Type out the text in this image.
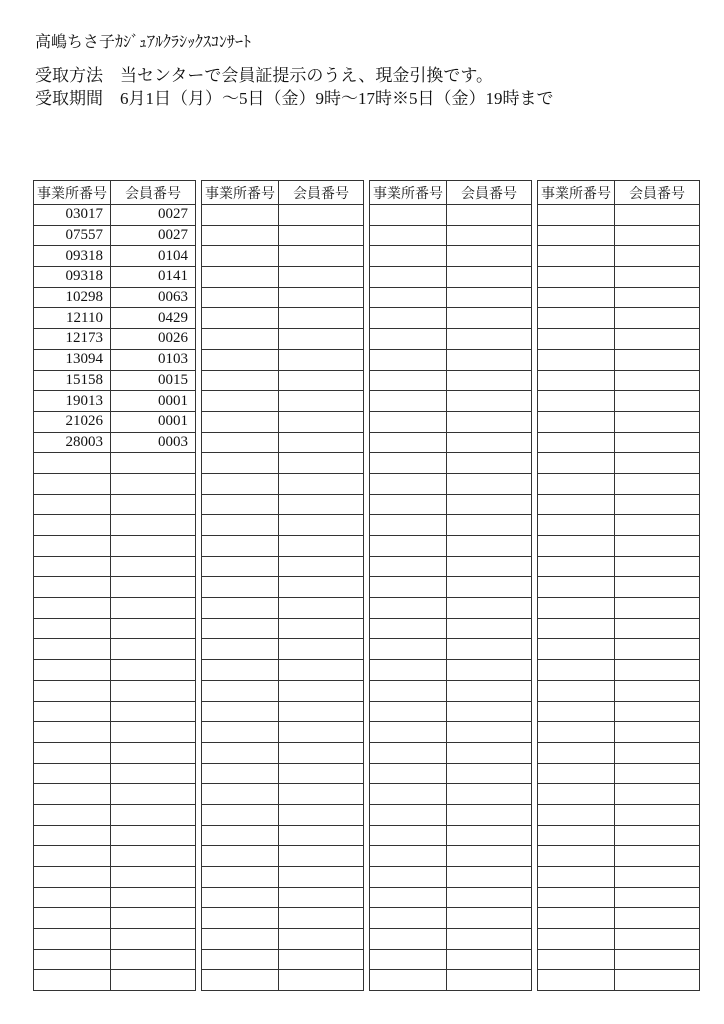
高嶋ちさ子ｶｼﾞｭｱﾙｸﾗｼｯｸｽｺﾝｻｰﾄ
受取方法　当センターで会員証提示のうえ、現金引換です。
受取期間　6月1日（月）～5日（金）9時～17時※5日（金）19時まで
事業所番号	会員番号
03017	0027
07557	0027
09318	0104
09318	0141
10298	0063
12110	0429
12173	0026
13094	0103
15158	0015
19013	0001
21026	0001
28003	0003

事業所番号	会員番号

	事業所番号	会員番号

	事業所番号	会員番号
